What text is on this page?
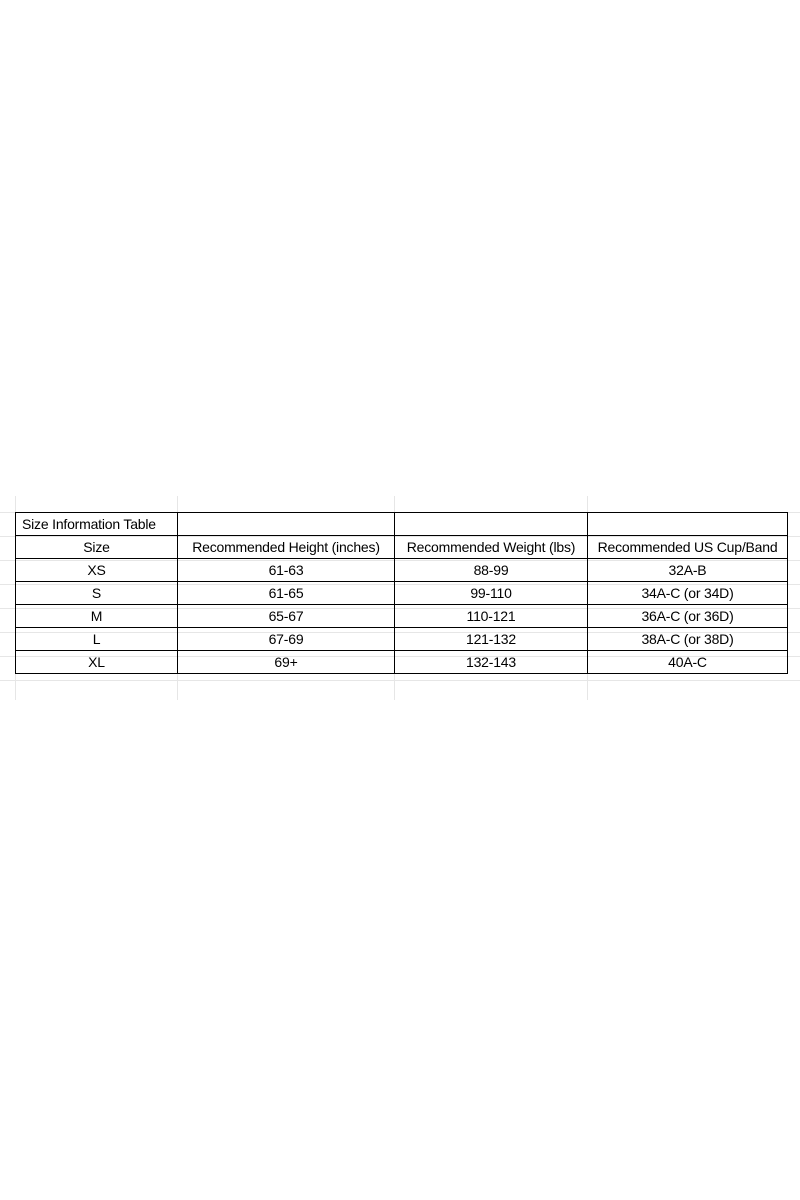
Size Information Table			
Size	Recommended Height (inches)	Recommended Weight (lbs)	Recommended US Cup/Band
XS	61-63	88-99	32A-B
S	61-65	99-110	34A-C (or 34D)
M	65-67	110-121	36A-C (or 36D)
L	67-69	121-132	38A-C (or 38D)
XL	69+	132-143	40A-C
